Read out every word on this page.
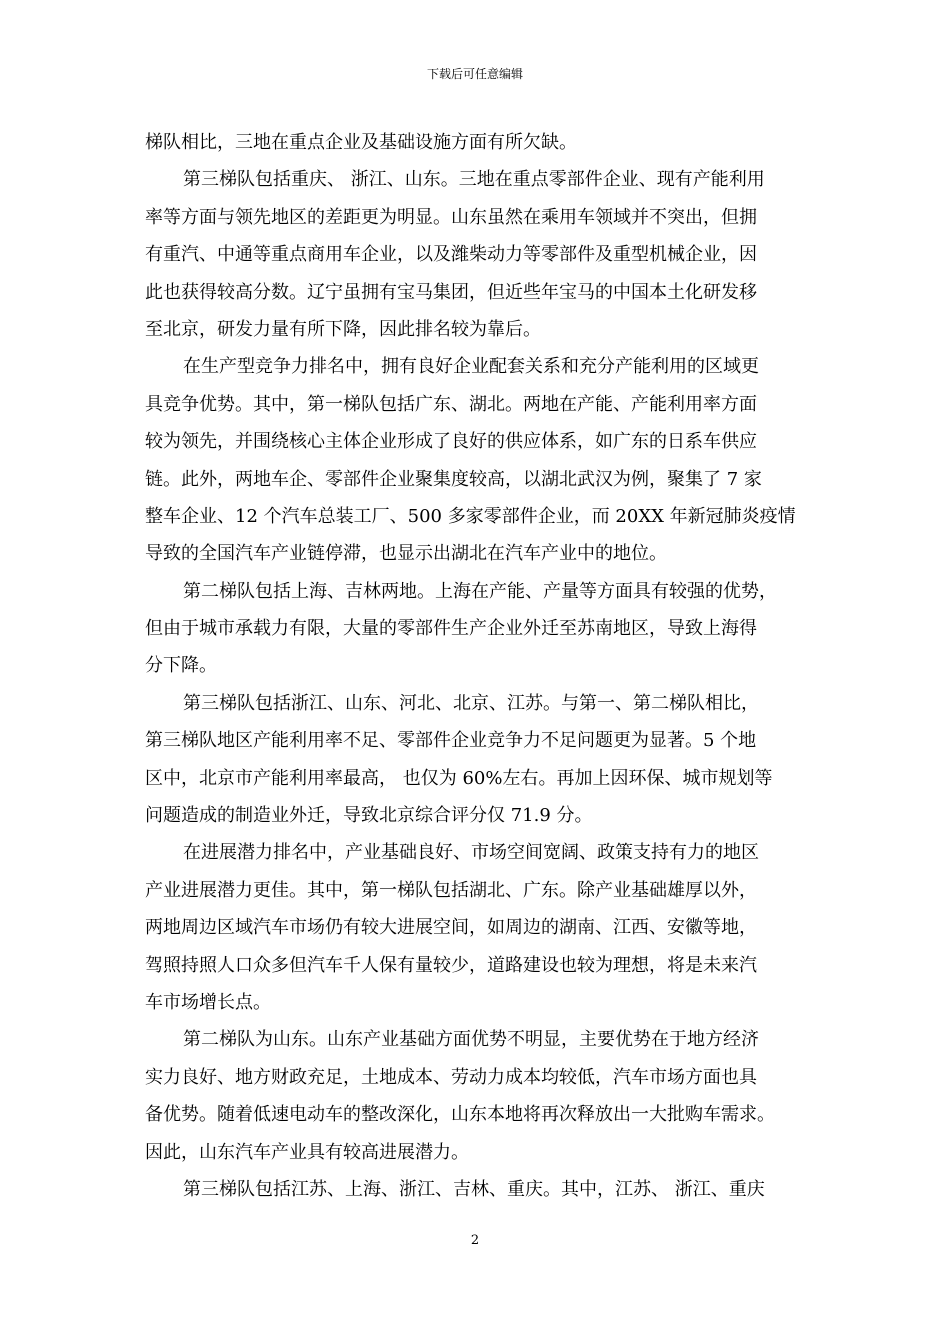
下载后可任意编辑
梯队相比，三地在重点企业及基础设施方面有所欠缺。
第三梯队包括重庆、 浙江、山东。三地在重点零部件企业、现有产能利用
率等方面与领先地区的差距更为明显。山东虽然在乘用车领域并不突出，但拥
有重汽、中通等重点商用车企业，以及潍柴动力等零部件及重型机械企业，因
此也获得较高分数。辽宁虽拥有宝马集团，但近些年宝马的中国本土化研发移
至北京，研发力量有所下降，因此排名较为靠后。
在生产型竞争力排名中，拥有良好企业配套关系和充分产能利用的区域更
具竞争优势。其中，第一梯队包括广东、湖北。两地在产能、产能利用率方面
较为领先，并围绕核心主体企业形成了良好的供应体系，如广东的日系车供应
链。此外，两地车企、零部件企业聚集度较高，以湖北武汉为例，聚集了 7 家
整车企业、12 个汽车总装工厂、500 多家零部件企业，而 20XX 年新冠肺炎疫情
导致的全国汽车产业链停滞，也显示出湖北在汽车产业中的地位。
第二梯队包括上海、吉林两地。上海在产能、产量等方面具有较强的优势，
但由于城市承载力有限，大量的零部件生产企业外迁至苏南地区，导致上海得
分下降。
第三梯队包括浙江、山东、河北、北京、江苏。与第一、第二梯队相比，
第三梯队地区产能利用率不足、零部件企业竞争力不足问题更为显著。5 个地
区中，北京市产能利用率最高， 也仅为 60%左右。再加上因环保、城市规划等
问题造成的制造业外迁，导致北京综合评分仅 71.9 分。
在进展潜力排名中，产业基础良好、市场空间宽阔、政策支持有力的地区
产业进展潜力更佳。其中，第一梯队包括湖北、广东。除产业基础雄厚以外，
两地周边区域汽车市场仍有较大进展空间，如周边的湖南、江西、安徽等地，
驾照持照人口众多但汽车千人保有量较少，道路建设也较为理想，将是未来汽
车市场增长点。
第二梯队为山东。山东产业基础方面优势不明显，主要优势在于地方经济
实力良好、地方财政充足，土地成本、劳动力成本均较低，汽车市场方面也具
备优势。随着低速电动车的整改深化，山东本地将再次释放出一大批购车需求。
因此，山东汽车产业具有较高进展潜力。
第三梯队包括江苏、上海、浙江、吉林、重庆。其中，江苏、 浙江、重庆
2
